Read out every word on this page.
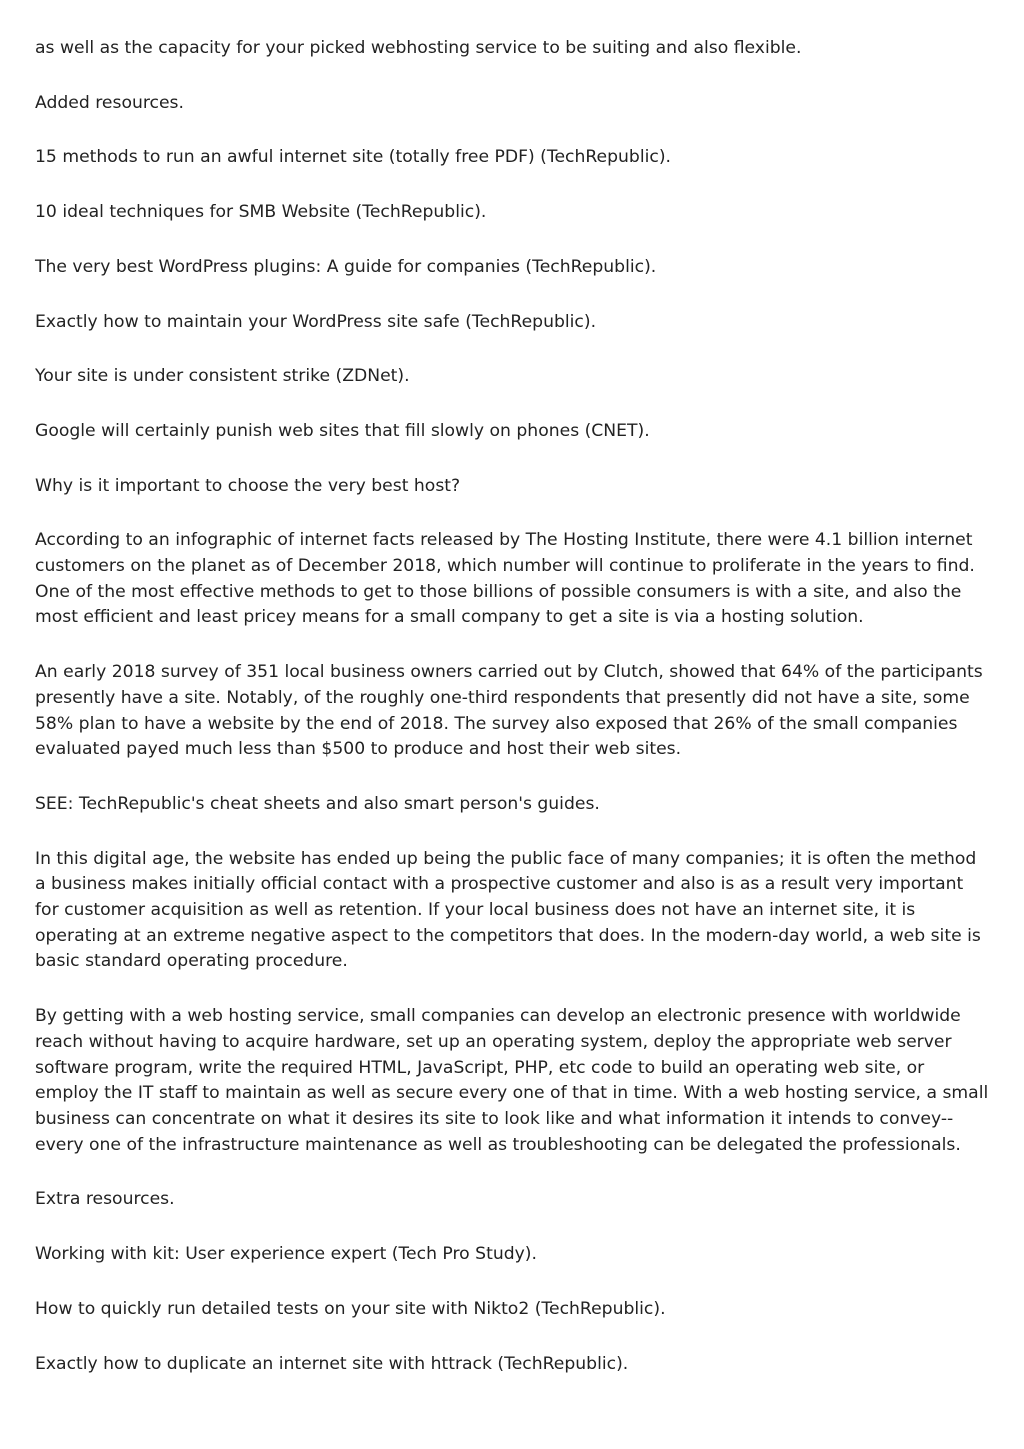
as well as the capacity for your picked webhosting service to be suiting and also flexible.

Added resources.

15 methods to run an awful internet site (totally free PDF) (TechRepublic).

10 ideal techniques for SMB Website (TechRepublic).

The very best WordPress plugins: A guide for companies (TechRepublic).

Exactly how to maintain your WordPress site safe (TechRepublic).

Your site is under consistent strike (ZDNet).

Google will certainly punish web sites that fill slowly on phones (CNET).

Why is it important to choose the very best host?

According to an infographic of internet facts released by The Hosting Institute, there were 4.1 billion internet customers on the planet as of December 2018, which number will continue to proliferate in the years to find. One of the most effective methods to get to those billions of possible consumers is with a site, and also the most efficient and least pricey means for a small company to get a site is via a hosting solution.

An early 2018 survey of 351 local business owners carried out by Clutch, showed that 64% of the participants presently have a site. Notably, of the roughly one-third respondents that presently did not have a site, some 58% plan to have a website by the end of 2018. The survey also exposed that 26% of the small companies evaluated payed much less than $500 to produce and host their web sites.

SEE: TechRepublic's cheat sheets and also smart person's guides.

In this digital age, the website has ended up being the public face of many companies; it is often the method a business makes initially official contact with a prospective customer and also is as a result very important for customer acquisition as well as retention. If your local business does not have an internet site, it is operating at an extreme negative aspect to the competitors that does. In the modern-day world, a web site is basic standard operating procedure.

By getting with a web hosting service, small companies can develop an electronic presence with worldwide reach without having to acquire hardware, set up an operating system, deploy the appropriate web server software program, write the required HTML, JavaScript, PHP, etc code to build an operating web site, or employ the IT staff to maintain as well as secure every one of that in time. With a web hosting service, a small business can concentrate on what it desires its site to look like and what information it intends to convey-- every one of the infrastructure maintenance as well as troubleshooting can be delegated the professionals.

Extra resources.

Working with kit: User experience expert (Tech Pro Study).

How to quickly run detailed tests on your site with Nikto2 (TechRepublic).

Exactly how to duplicate an internet site with httrack (TechRepublic).
